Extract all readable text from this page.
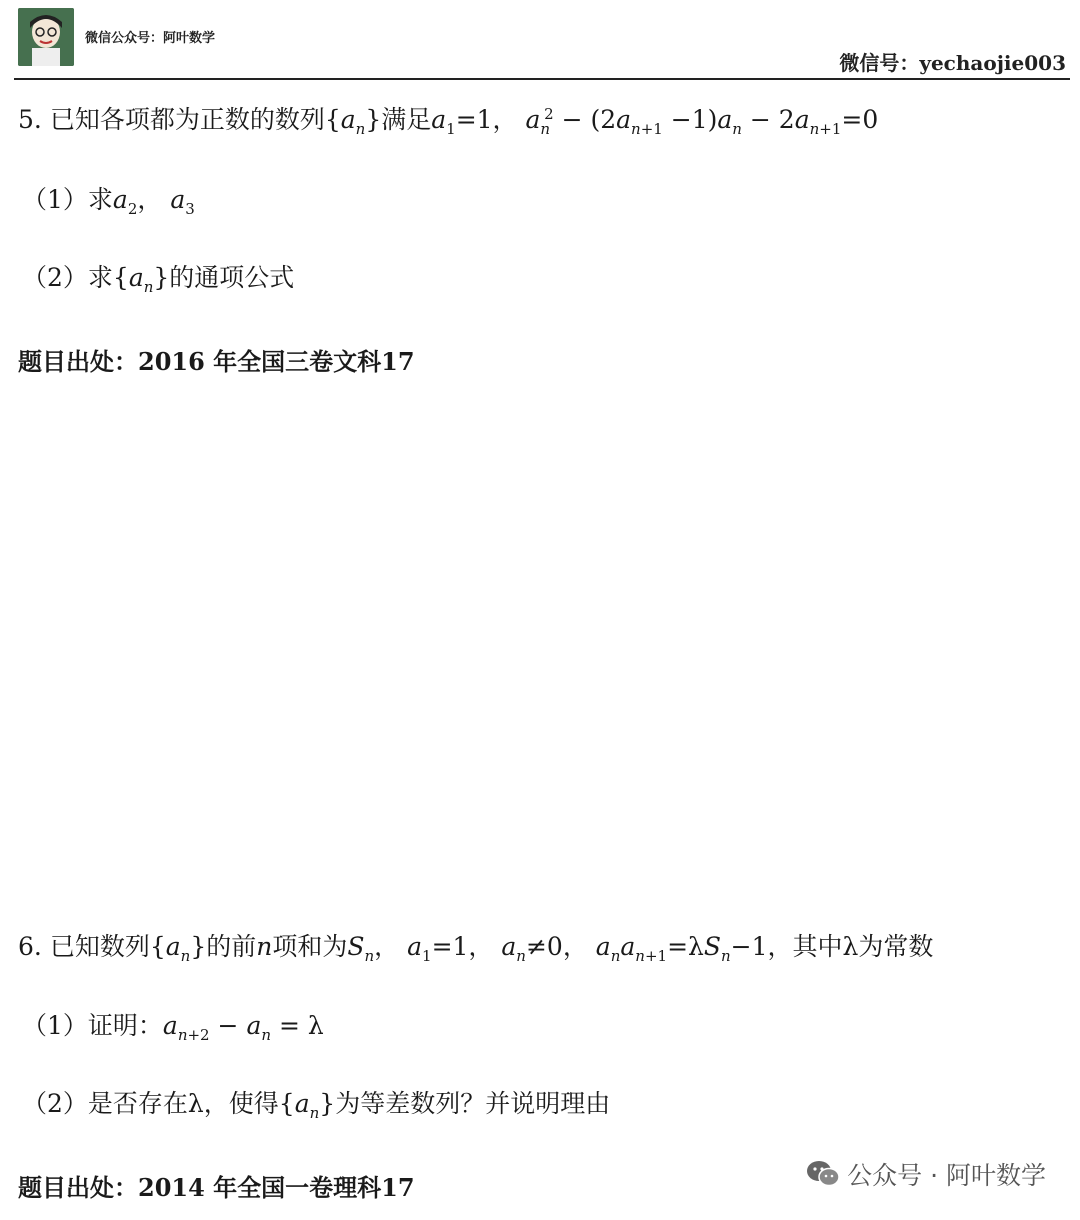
微信公众号：阿叶数学
微信号：yechaojie003
5. 已知各项都为正数的数列$\{a_n\}$满足$a_1=1$， $a_n^2 - (2a_{n+1} -1)a_n - 2a_{n+1}=0$
（1）求$a_2$， $a_3$
（2）求$\{a_n\}$的通项公式
题目出处：2016 年全国三卷文科17
6. 已知数列$\{a_n\}$的前n项和为$S_n$， $a_1=1$， $a_n\ne 0$， $a_na_{n+1}=\lambda S_n-1$，其中λ为常数
（1）证明：$a_{n+2} - a_n = \lambda$
（2）是否存在λ，使得$\{a_n\}$为等差数列？并说明理由
题目出处：2014 年全国一卷理科17	公众号 · 阿叶数学
